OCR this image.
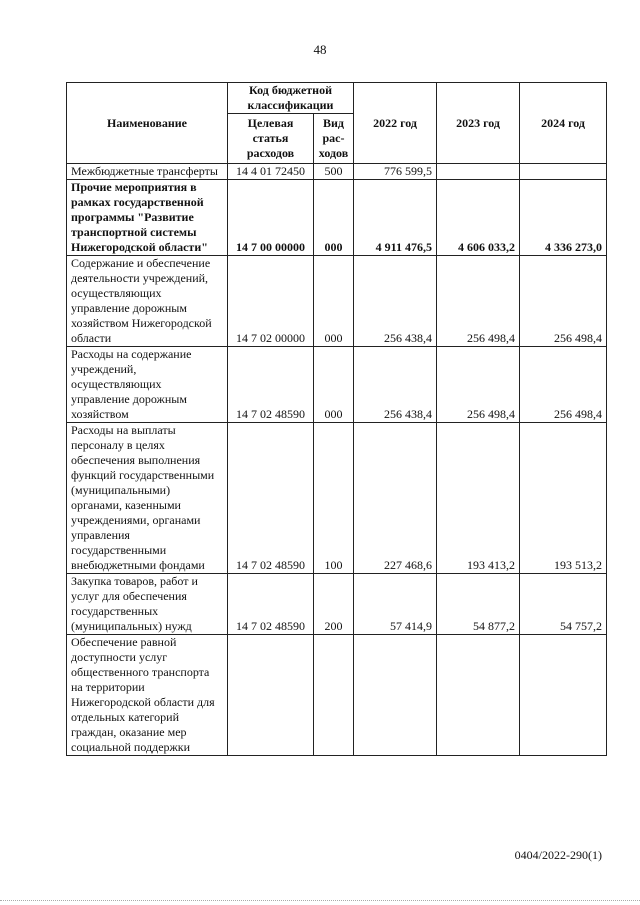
48
Наименование	Код бюджетной классификации		2022 год	2023 год	2024 год
	Целевая статья расходов	Вид рас-ходов			
Межбюджетные трансферты	14 4 01 72450	500	776 599,5		
Прочие мероприятия в рамках государственной программы "Развитие транспортной системы Нижегородской области"	14 7 00 00000	000	4 911 476,5	4 606 033,2	4 336 273,0
Содержание и обеспечение деятельности учреждений, осуществляющих управление дорожным хозяйством Нижегородской области	14 7 02 00000	000	256 438,4	256 498,4	256 498,4
Расходы на содержание учреждений, осуществляющих управление дорожным хозяйством	14 7 02 48590	000	256 438,4	256 498,4	256 498,4
Расходы на выплаты персоналу в целях обеспечения выполнения функций государственными (муниципальными) органами, казенными учреждениями, органами управления государственными внебюджетными фондами	14 7 02 48590	100	227 468,6	193 413,2	193 513,2
Закупка товаров, работ и услуг для обеспечения государственных (муниципальных) нужд	14 7 02 48590	200	57 414,9	54 877,2	54 757,2
Обеспечение равной доступности услуг общественного транспорта на территории Нижегородской области для отдельных категорий граждан, оказание мер социальной поддержки					
0404/2022-290(1)
